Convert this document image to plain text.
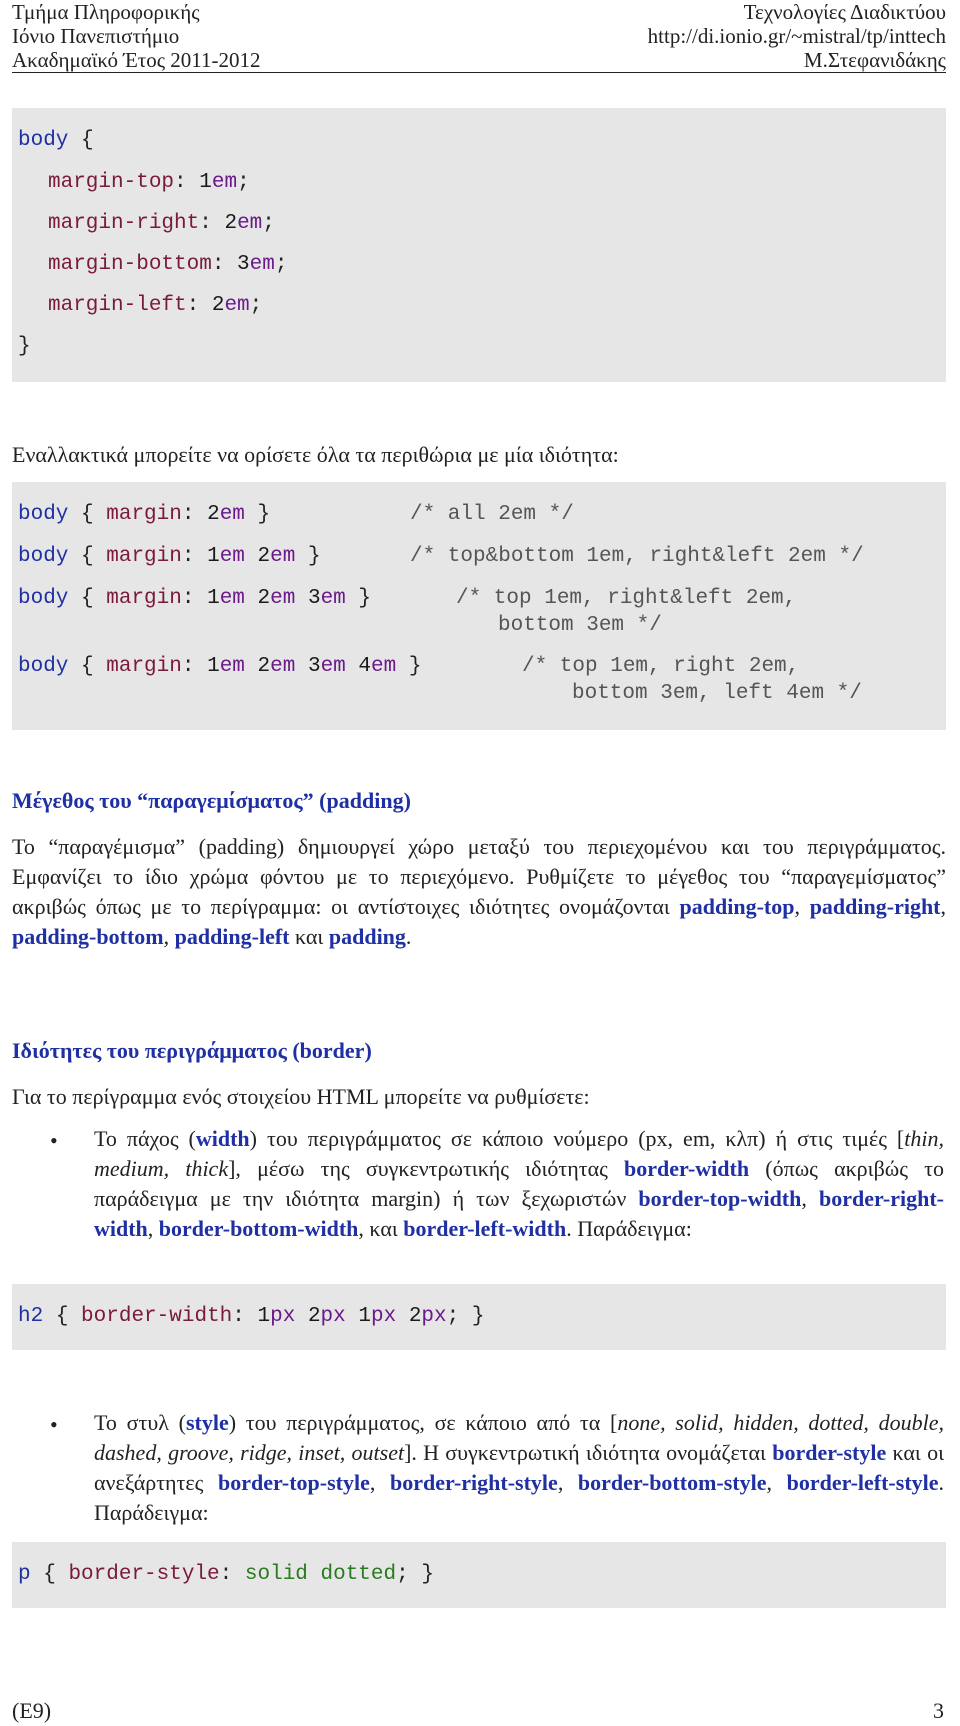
Τμήμα Πληροφορικής
Ιόνιο Πανεπιστήμιο
Ακαδημαϊκό Έτος 2011-2012
Τεχνολογίες Διαδικτύου
http://di.ionio.gr/~mistral/tp/inttech
Μ.Στεφανιδάκης

body {

margin-top: 1em;

margin-right: 2em;

margin-bottom: 3em;

margin-left: 2em;

}

Εναλλακτικά μπορείτε να ορίσετε όλα τα περιθώρια με μία ιδιότητα:

body { margin: 2em }

	/* all 2em */

body { margin: 1em 2em }

	/* top&bottom 1em, right&left 2em */

body { margin: 1em 2em 3em }

	/* top 1em, right&left 2em,

bottom 3em */

body { margin: 1em 2em 3em 4em }

	/* top 1em, right 2em,

bottom 3em, left 4em */

Μέγεθος του “παραγεμίσματος” (padding)
Το “παραγέμισμα” (padding) δημιουργεί χώρο μεταξύ του περιεχομένου και του περιγράμματος. Εμφανίζει το ίδιο χρώμα φόντου με το περιεχόμενο. Ρυθμίζετε το μέγεθος του “παραγεμίσματος” ακριβώς όπως με το περίγραμμα: οι αντίστοιχες ιδιότητες ονομάζονται padding-top, padding-right, padding-bottom, padding-left και padding.
Ιδιότητες του περιγράμματος (border)
Για το περίγραμμα ενός στοιχείου HTML μπορείτε να ρυθμίσετε:
• Το πάχος (width) του περιγράμματος σε κάποιο νούμερο (px, em, κλπ) ή στις τιμές [thin, medium, thick], μέσω της συγκεντρωτικής ιδιότητας border-width (όπως ακριβώς το παράδειγμα με την ιδιότητα margin) ή των ξεχωριστών border-top-width, border-right-width, border-bottom-width, και border-left-width. Παράδειγμα:

h2 { border-width: 1px 2px 1px 2px; }

• Το στυλ (style) του περιγράμματος, σε κάποιο από τα [none, solid, hidden, dotted, double, dashed, groove, ridge, inset, outset]. Η συγκεντρωτική ιδιότητα ονομάζεται border-style και οι ανεξάρτητες border-top-style, border-right-style, border-bottom-style, border-left-style. Παράδειγμα:

p { border-style: solid dotted; }

(E9)	3
